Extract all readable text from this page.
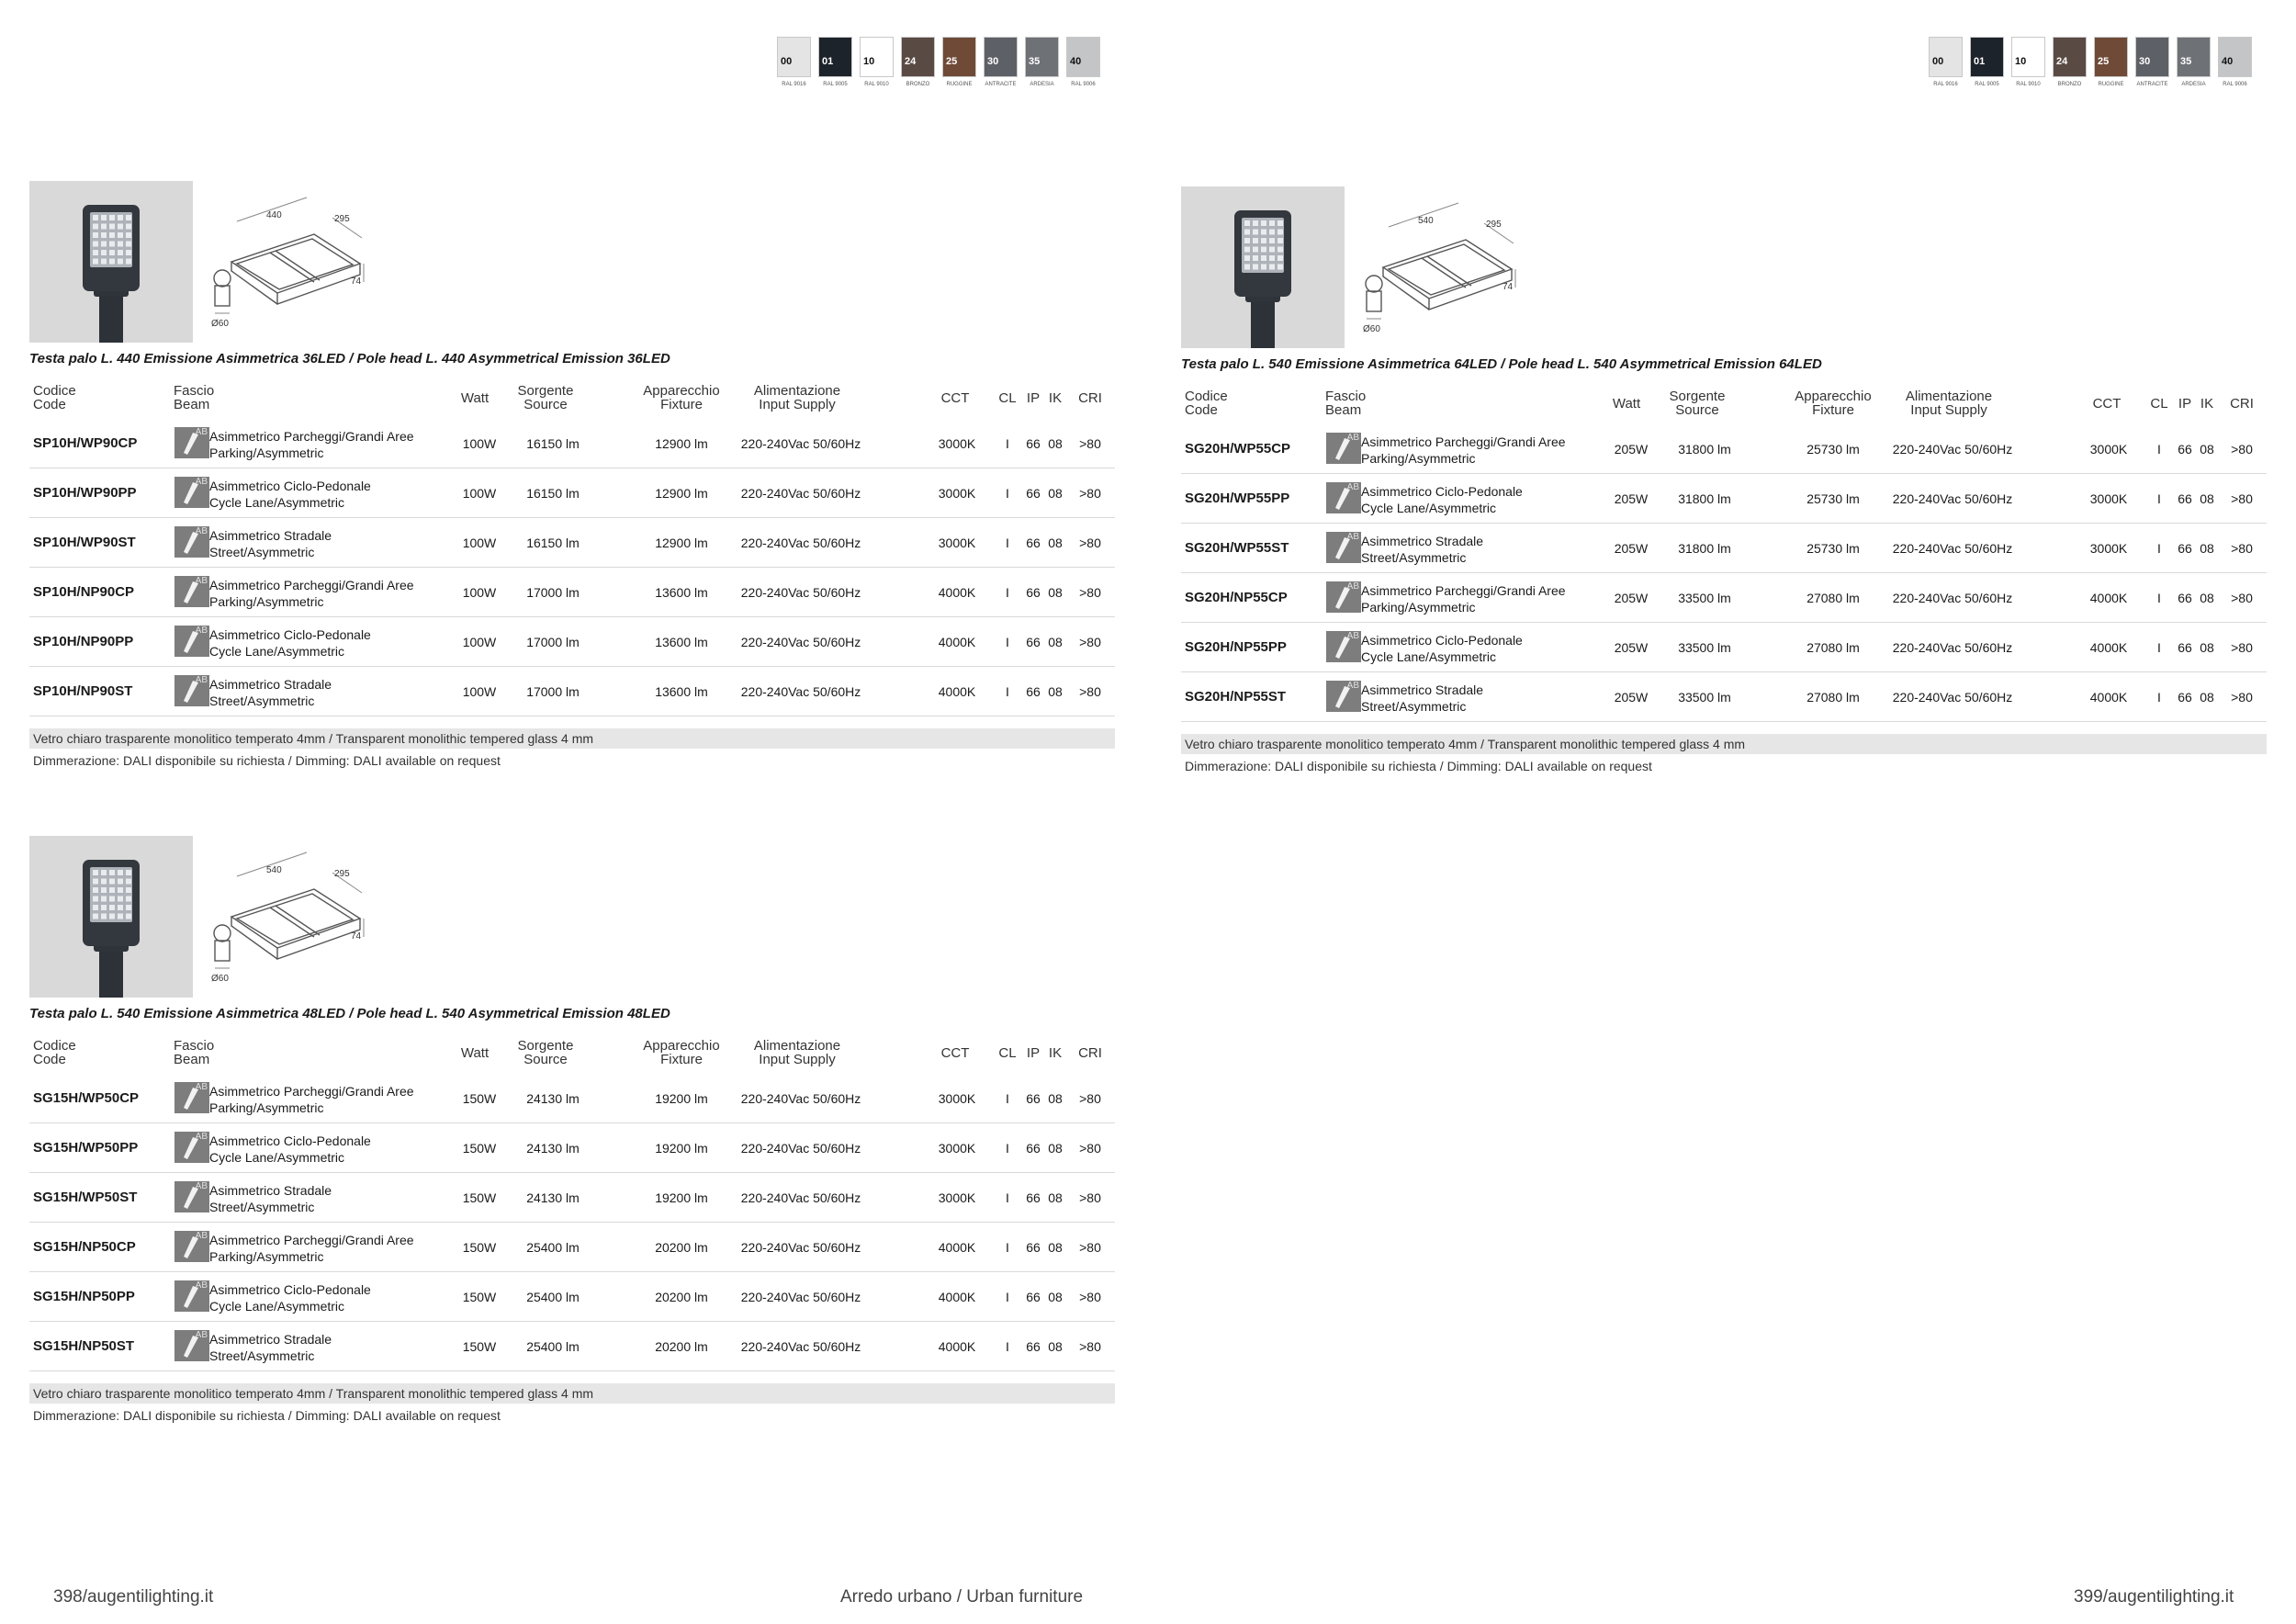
00
RAL 9016
01
RAL 9005
10
RAL 9010
24
BRONZO
25
RUGGINE
30
ANTRACITE
35
ARDESIA
40
RAL 9006
00
RAL 9016
01
RAL 9005
10
RAL 9010
24
BRONZO
25
RUGGINE
30
ANTRACITE
35
ARDESIA
40
RAL 9006
440	295
74
Ø60
Testa palo L. 440 Emissione Asimmetrica 36LED / Pole head L. 440 Asymmetrical Emission 36LED
Codice
Code
Fascio
Beam	Watt	Sorgente
Source
Apparecchio
Fixture
Alimentazione
Input Supply	CCT	CL IP IK	CRI
SP10H/WP90CP
AB Asimmetrico Parcheggi/Grandi Aree
Parking/Asymmetric
100W	16150 lm	12900 lm	220-240Vac 50/60Hz	3000K	I	66 08	>80
SP10H/WP90PP
AB Asimmetrico Ciclo-Pedonale
Cycle Lane/Asymmetric
100W	16150 lm	12900 lm	220-240Vac 50/60Hz	3000K	I	66 08	>80
SP10H/WP90ST
AB Asimmetrico Stradale
Street/Asymmetric
100W	16150 lm	12900 lm	220-240Vac 50/60Hz	3000K	I	66 08	>80
SP10H/NP90CP
AB Asimmetrico Parcheggi/Grandi Aree
Parking/Asymmetric
100W	17000 lm	13600 lm	220-240Vac 50/60Hz	4000K	I	66 08	>80
SP10H/NP90PP
AB Asimmetrico Ciclo-Pedonale
Cycle Lane/Asymmetric
100W	17000 lm	13600 lm	220-240Vac 50/60Hz	4000K	I	66 08	>80
SP10H/NP90ST
AB Asimmetrico Stradale
Street/Asymmetric
100W	17000 lm	13600 lm	220-240Vac 50/60Hz	4000K	I	66 08	>80
Vetro chiaro trasparente monolitico temperato 4mm / Transparent monolithic tempered glass 4 mm
Dimmerazione: DALI disponibile su richiesta / Dimming: DALI available on request
540	295
74
Ø60
Testa palo L. 540 Emissione Asimmetrica 48LED / Pole head L. 540 Asymmetrical Emission 48LED
Codice
Code
Fascio
Beam	Watt	Sorgente
Source
Apparecchio
Fixture
Alimentazione
Input Supply	CCT	CL IP IK	CRI
SG15H/WP50CP
AB Asimmetrico Parcheggi/Grandi Aree
Parking/Asymmetric
150W	24130 lm	19200 lm	220-240Vac 50/60Hz	3000K	I	66 08	>80
SG15H/WP50PP
AB Asimmetrico Ciclo-Pedonale
Cycle Lane/Asymmetric
150W	24130 lm	19200 lm	220-240Vac 50/60Hz	3000K	I	66 08	>80
SG15H/WP50ST
AB Asimmetrico Stradale
Street/Asymmetric
150W	24130 lm	19200 lm	220-240Vac 50/60Hz	3000K	I	66 08	>80
SG15H/NP50CP
AB Asimmetrico Parcheggi/Grandi Aree
Parking/Asymmetric
150W	25400 lm	20200 lm	220-240Vac 50/60Hz	4000K	I	66 08	>80
SG15H/NP50PP
AB Asimmetrico Ciclo-Pedonale
Cycle Lane/Asymmetric
150W	25400 lm	20200 lm	220-240Vac 50/60Hz	4000K	I	66 08	>80
SG15H/NP50ST
AB Asimmetrico Stradale
Street/Asymmetric
150W	25400 lm	20200 lm	220-240Vac 50/60Hz	4000K	I	66 08	>80
Vetro chiaro trasparente monolitico temperato 4mm / Transparent monolithic tempered glass 4 mm
Dimmerazione: DALI disponibile su richiesta / Dimming: DALI available on request
540	295
74
Ø60
Testa palo L. 540 Emissione Asimmetrica 64LED / Pole head L. 540 Asymmetrical Emission 64LED
Codice
Code
Fascio
Beam	Watt	Sorgente
Source
Apparecchio
Fixture
Alimentazione
Input Supply	CCT	CL IP IK	CRI
SG20H/WP55CP
AB Asimmetrico Parcheggi/Grandi Aree
Parking/Asymmetric
205W	31800 lm	25730 lm	220-240Vac 50/60Hz	3000K	I	66 08	>80
SG20H/WP55PP
AB Asimmetrico Ciclo-Pedonale
Cycle Lane/Asymmetric
205W	31800 lm	25730 lm	220-240Vac 50/60Hz	3000K	I	66 08	>80
SG20H/WP55ST
AB Asimmetrico Stradale
Street/Asymmetric
205W	31800 lm	25730 lm	220-240Vac 50/60Hz	3000K	I	66 08	>80
SG20H/NP55CP
AB Asimmetrico Parcheggi/Grandi Aree
Parking/Asymmetric
205W	33500 lm	27080 lm	220-240Vac 50/60Hz	4000K	I	66 08	>80
SG20H/NP55PP
AB Asimmetrico Ciclo-Pedonale
Cycle Lane/Asymmetric
205W	33500 lm	27080 lm	220-240Vac 50/60Hz	4000K	I	66 08	>80
SG20H/NP55ST
AB Asimmetrico Stradale
Street/Asymmetric
205W	33500 lm	27080 lm	220-240Vac 50/60Hz	4000K	I	66 08	>80
Vetro chiaro trasparente monolitico temperato 4mm / Transparent monolithic tempered glass 4 mm
Dimmerazione: DALI disponibile su richiesta / Dimming: DALI available on request
398/augentilighting.it	Arredo urbano / Urban furniture	399/augentilighting.it
